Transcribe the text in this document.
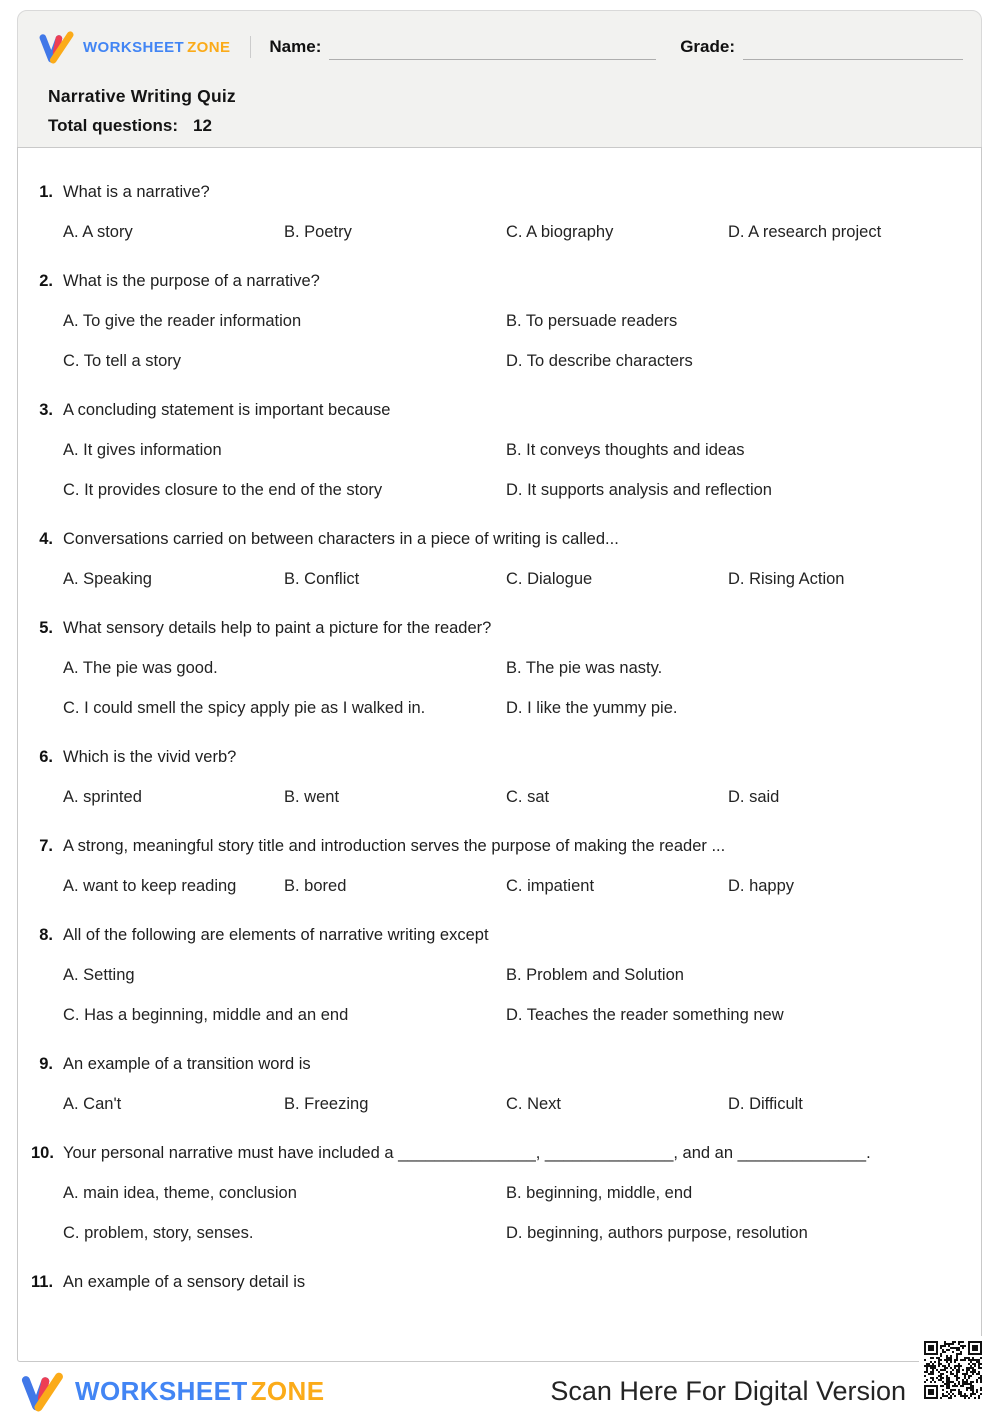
WORKSHEET ZONE Name:	Grade:
Narrative Writing Quiz
Total questions: 12
1. What is a narrative?
A. A story	B. Poetry	C. A biography	D. A research project
2. What is the purpose of a narrative?
A. To give the reader information	B. To persuade readers
C. To tell a story	D. To describe characters
3. A concluding statement is important because
A. It gives information	B. It conveys thoughts and ideas
C. It provides closure to the end of the story	D. It supports analysis and reflection
4. Conversations carried on between characters in a piece of writing is called...
A. Speaking	B. Conflict	C. Dialogue	D. Rising Action
5. What sensory details help to paint a picture for the reader?
A. The pie was good.	B. The pie was nasty.
C. I could smell the spicy apply pie as I walked in.	D. I like the yummy pie.
6. Which is the vivid verb?
A. sprinted	B. went	C. sat	D. said
7. A strong, meaningful story title and introduction serves the purpose of making the reader ...
A. want to keep reading	B. bored	C. impatient	D. happy
8. All of the following are elements of narrative writing except
A. Setting	B. Problem and Solution
C. Has a beginning, middle and an end	D. Teaches the reader something new
9. An example of a transition word is
A. Can't	B. Freezing	C. Next	D. Difficult
10. Your personal narrative must have included a _______________, ______________, and an ______________.
A. main idea, theme, conclusion	B. beginning, middle, end
C. problem, story, senses.	D. beginning, authors purpose, resolution
11. An example of a sensory detail is
WORKSHEET ZONE	Scan Here For Digital Version
